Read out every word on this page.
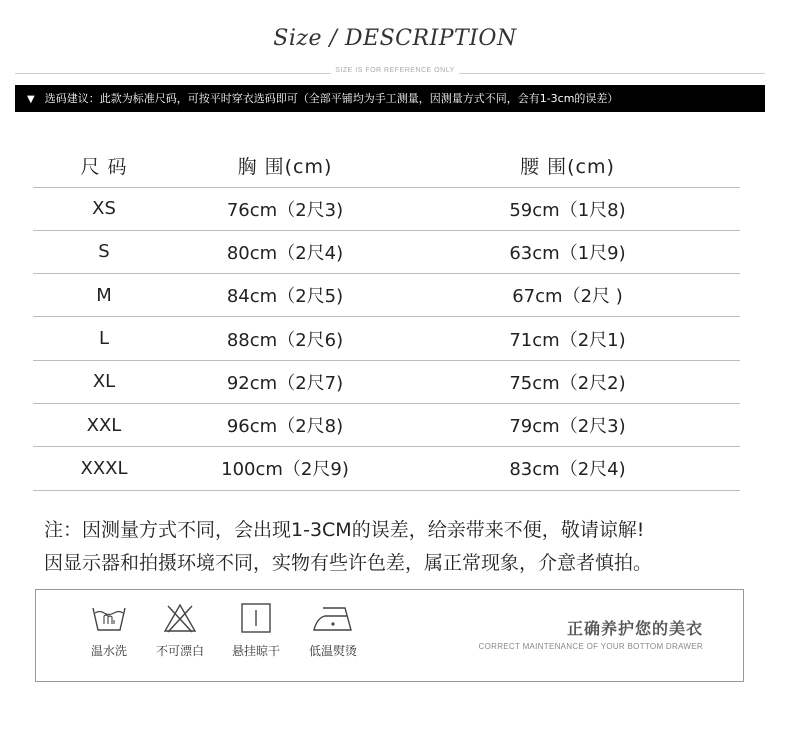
Size / DESCRIPTION
SIZE IS FOR REFERENCE ONLY
▼ 选码建议：此款为标准尺码，可按平时穿衣选码即可（全部平铺均为手工测量，因测量方式不同，会有1-3cm的误差）
尺 码	胸 围(cm)	腰 围(cm)
XS	76cm（2尺3)	59cm（1尺8)
S	80cm（2尺4)	63cm（1尺9)
M	84cm（2尺5)	67cm（2尺 )
L	88cm（2尺6)	71cm（2尺1)
XL	92cm（2尺7)	75cm（2尺2)
XXL	96cm（2尺8)	79cm（2尺3)
XXXL	100cm（2尺9)	83cm（2尺4)
注：因测量方式不同，会出现1-3CM的误差，给亲带来不便，敬请谅解!
因显示器和拍摄环境不同，实物有些许色差，属正常现象，介意者慎拍。
温水洗	不可漂白	悬挂晾干	低温熨烫
正确养护您的美衣
CORRECT MAINTENANCE OF YOUR BOTTOM DRAWER
